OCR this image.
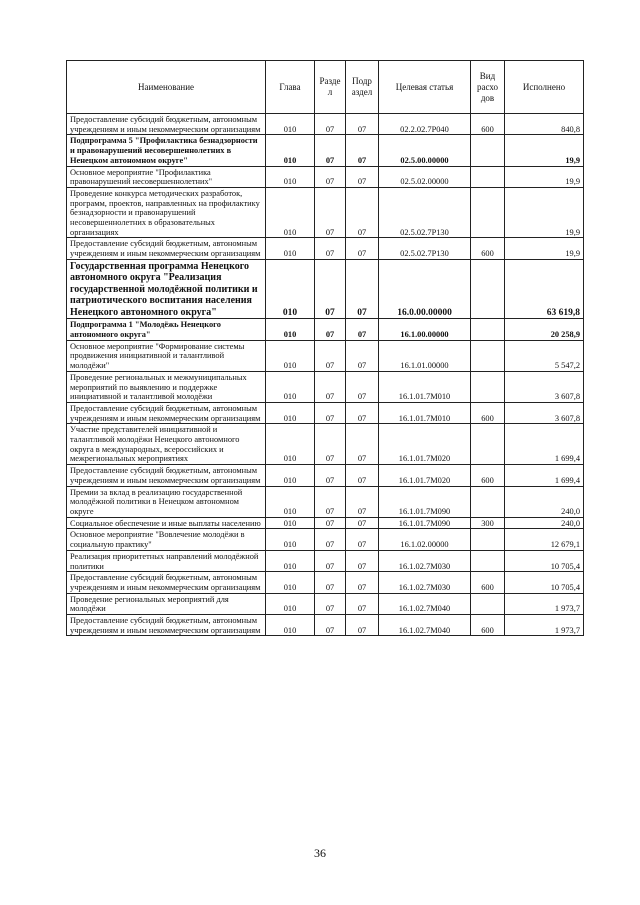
Наименование	Глава	Разде л	Подр аздел	Целевая статья	Вид расхо дов	Исполнено
Предоставление субсидий бюджетным, автономным учреждениям и иным некоммерческим организациям	010	07	07	02.2.02.7Р040	600	840,8
Подпрограмма 5 "Профилактика безнадзорности и правонарушений несовершеннолетних в Ненецком автономном округе"	010	07	07	02.5.00.00000		19,9
Основное мероприятие "Профилактика правонарушений несовершеннолетних"	010	07	07	02.5.02.00000		19,9
Проведение конкурса методических разработок, программ, проектов, направленных на профилактику безнадзорности и правонарушений несовершеннолетних в образовательных организациях	010	07	07	02.5.02.7Р130		19,9
Предоставление субсидий бюджетным, автономным учреждениям и иным некоммерческим организациям	010	07	07	02.5.02.7Р130	600	19,9
Государственная программа Ненецкого автономного округа "Реализация государственной молодёжной политики и патриотического воспитания населения Ненецкого автономного округа"	010	07	07	16.0.00.00000		63 619,8
Подпрограмма 1 "Молодёжь Ненецкого автономного округа"	010	07	07	16.1.00.00000		20 258,9
Основное мероприятие "Формирование системы продвижения инициативной и талантливой молодёжи"	010	07	07	16.1.01.00000		5 547,2
Проведение региональных и межмуниципальных мероприятий по выявлению и поддержке инициативной и талантливой молодёжи	010	07	07	16.1.01.7М010		3 607,8
Предоставление субсидий бюджетным, автономным учреждениям и иным некоммерческим организациям	010	07	07	16.1.01.7М010	600	3 607,8
Участие представителей инициативной и талантливой молодёжи Ненецкого автономного округа в международных, всероссийских и межрегиональных мероприятиях	010	07	07	16.1.01.7М020		1 699,4
Предоставление субсидий бюджетным, автономным учреждениям и иным некоммерческим организациям	010	07	07	16.1.01.7М020	600	1 699,4
Премии за вклад в реализацию государственной молодёжной политики в Ненецком автономном округе	010	07	07	16.1.01.7М090		240,0
Социальное обеспечение и иные выплаты населению	010	07	07	16.1.01.7М090	300	240,0
Основное мероприятие "Вовлечение молодёжи в социальную практику"	010	07	07	16.1.02.00000		12 679,1
Реализация приоритетных направлений молодёжной политики	010	07	07	16.1.02.7М030		10 705,4
Предоставление субсидий бюджетным, автономным учреждениям и иным некоммерческим организациям	010	07	07	16.1.02.7М030	600	10 705,4
Проведение региональных мероприятий для молодёжи	010	07	07	16.1.02.7М040		1 973,7
Предоставление субсидий бюджетным, автономным учреждениям и иным некоммерческим организациям	010	07	07	16.1.02.7М040	600	1 973,7
36
